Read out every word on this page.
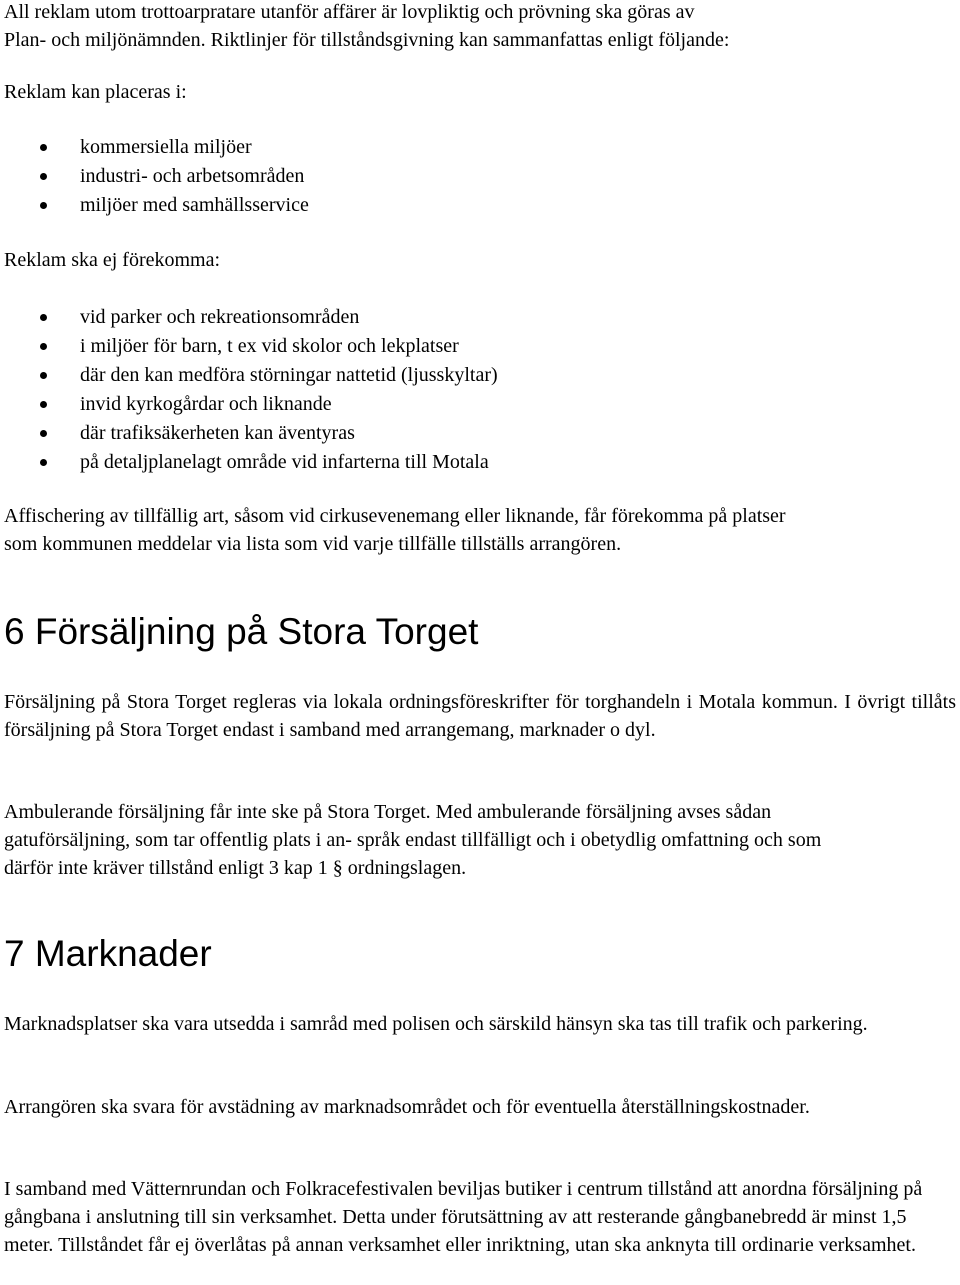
All reklam utom trottoarpratare utanför affärer är lovpliktig och prövning ska göras av
Plan- och miljönämnden. Riktlinjer för tillståndsgivning kan sammanfattas enligt följande:
Reklam kan placeras i:
kommersiella miljöer
industri- och arbetsområden
miljöer med samhällsservice
Reklam ska ej förekomma:
vid parker och rekreationsområden
i miljöer för barn, t ex vid skolor och lekplatser
där den kan medföra störningar nattetid (ljusskyltar)
invid kyrkogårdar och liknande
där trafiksäkerheten kan äventyras
på detaljplanelagt område vid infarterna till Motala
Affischering av tillfällig art, såsom vid cirkusevenemang eller liknande, får förekomma på platser
som kommunen meddelar via lista som vid varje tillfälle tillställs arrangören.
6 Försäljning på Stora Torget
Försäljning på Stora Torget regleras via lokala ordningsföreskrifter för torghandeln i Motala kommun. I övrigt tillåts försäljning på Stora Torget endast i samband med arrangemang, marknader o dyl.
Ambulerande försäljning får inte ske på Stora Torget. Med ambulerande försäljning avses sådan
gatuförsäljning, som tar offentlig plats i an- språk endast tillfälligt och i obetydlig omfattning och som
därför inte kräver tillstånd enligt 3 kap 1 § ordningslagen.
7 Marknader
Marknadsplatser ska vara utsedda i samråd med polisen och särskild hänsyn ska tas till trafik och parkering.
Arrangören ska svara för avstädning av marknadsområdet och för eventuella återställningskostnader.
I samband med Vätternrundan och Folkracefestivalen beviljas butiker i centrum tillstånd att anordna försäljning på gångbana i anslutning till sin verksamhet. Detta under förutsättning av att resterande gångbanebredd är minst 1,5 meter. Tillståndet får ej överlåtas på annan verksamhet eller inriktning, utan ska anknyta till ordinarie verksamhet.
